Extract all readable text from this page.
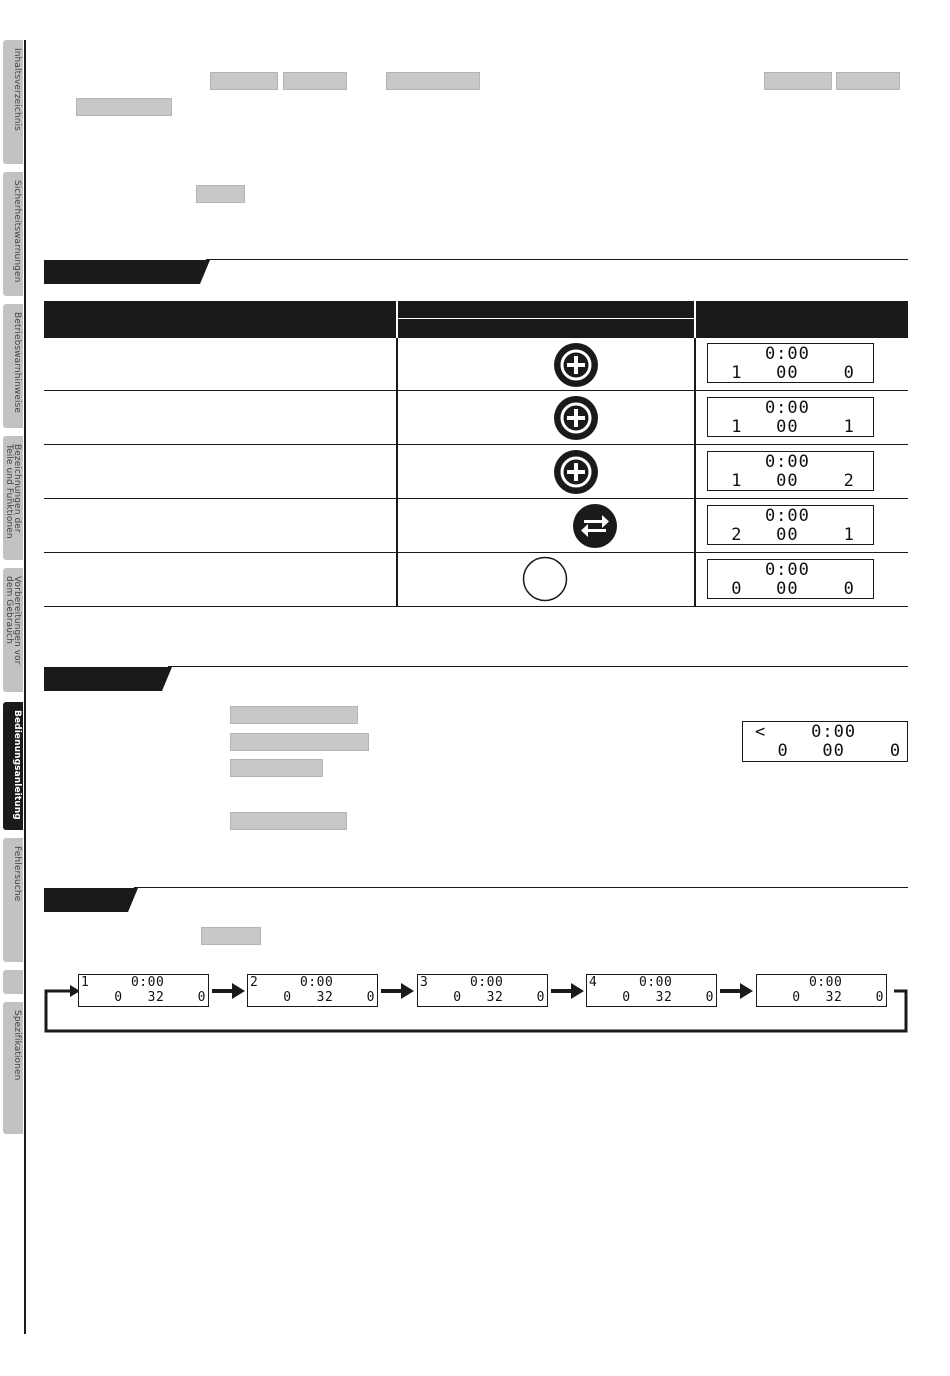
Inhaltsverzeichnis
Sicherheitswarnungen
Betriebswarnhinweise
Bezeichnungen der
Teile und Funktionen
Vorbereitungen vor
dem Gebrauch
Bedienungsanleitung
Fehlersuche
Spezifikationen
0:00
1   00    0
0:00
1   00    1
0:00
1   00    2
0:00
2   00    1
0:00
0   00    0
<    0:00
0   00    0
1     0:00
0   32    0
2     0:00
0   32    0
3     0:00
0   32    0
4     0:00
0   32    0
0:00
0   32    0
